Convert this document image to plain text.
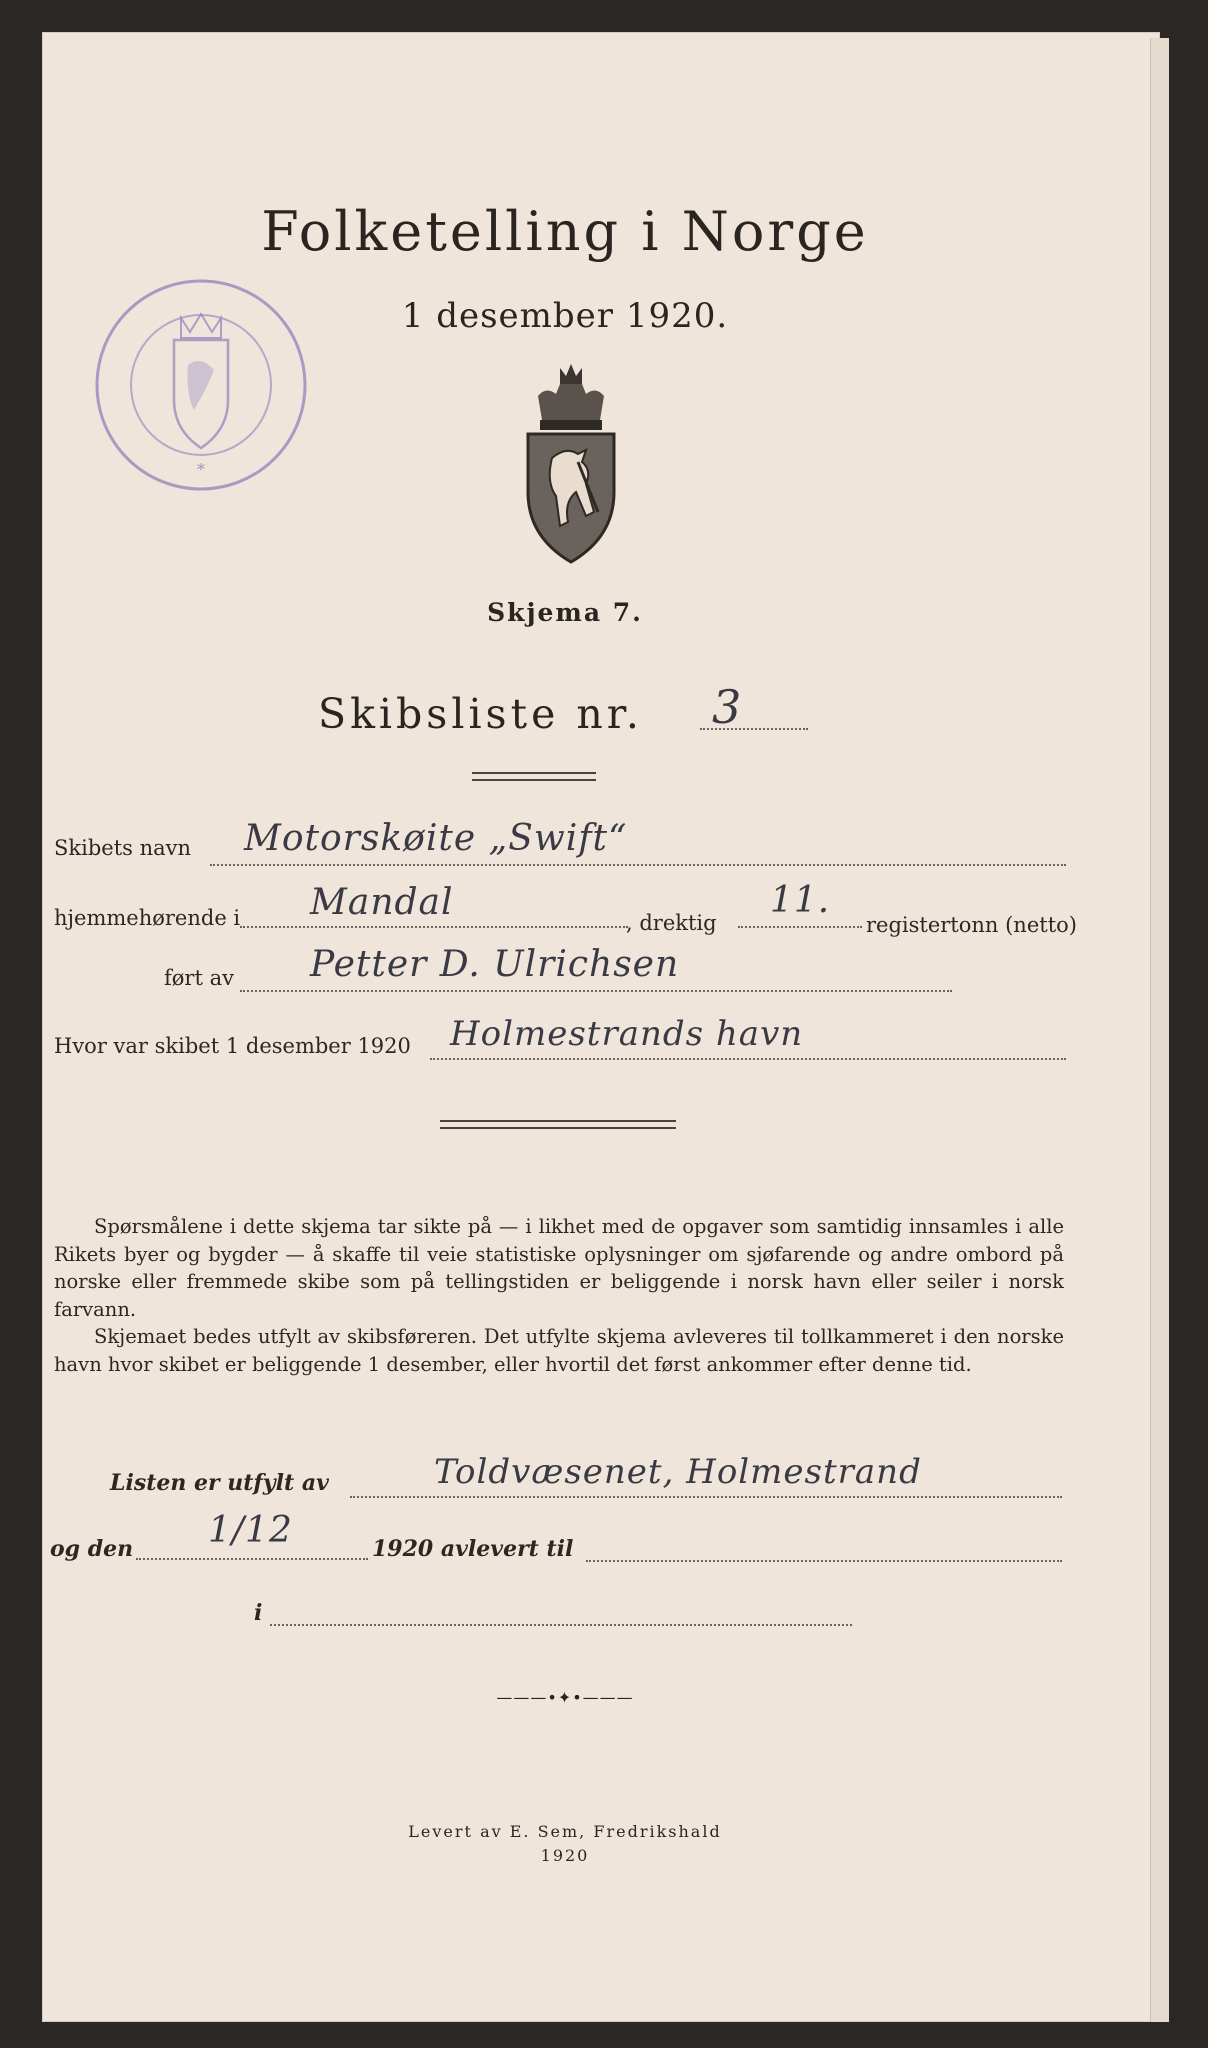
Folketelling i Norge
1 desember 1920.
*
Skjema 7.
Skibsliste nr. 3
Skibets navn Motorskøite „Swift“
hjemmehørende i Mandal	, drektig
11.
registertonn (netto)
ført av Petter D. Ulrichsen
Hvor var skibet 1 desember 1920 Holmestrands havn
Spørsmålene i dette skjema tar sikte på — i likhet med de opgaver som samtidig innsamles i alle Rikets byer og bygder — å skaffe til veie statistiske oplysninger om sjøfarende og andre ombord på norske eller fremmede skibe som på tellingstiden er beliggende i norsk havn eller seiler i norsk farvann.
Skjemaet bedes utfylt av skibsføreren. Det utfylte skjema avleveres til tollkammeret i den norske havn hvor skibet er beliggende 1 desember, eller hvortil det først ankommer efter denne tid.
Listen er utfylt av	Toldvæsenet, Holmestrand
og den 1/12	1920 avlevert til
i
———•✦•———
Levert av E. Sem, Fredrikshald
1920
